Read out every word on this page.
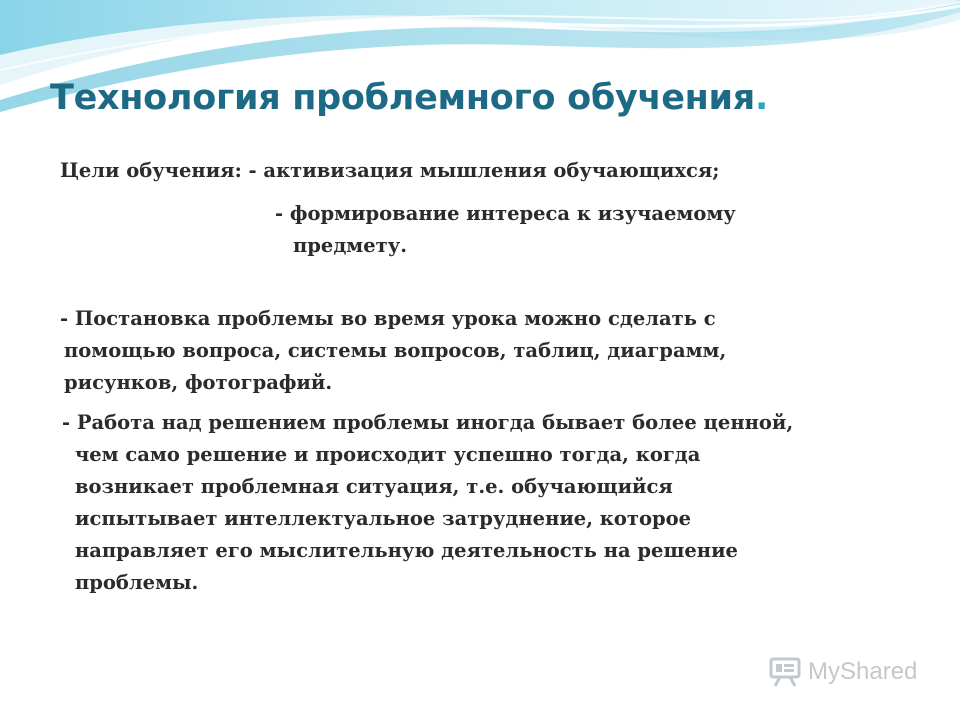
Технология проблемного обучения.
Цели обучения: - активизация мышления обучающихся;
- формирование интереса к изучаемому
предмету.
- Постановка проблемы во время урока можно сделать с
помощью вопроса, системы вопросов, таблиц, диаграмм,
рисунков, фотографий.
- Работа над решением проблемы иногда бывает более ценной,
чем само решение и происходит успешно тогда, когда
возникает проблемная ситуация, т.е. обучающийся
испытывает интеллектуальное затруднение, которое
направляет его мыслительную деятельность на решение
проблемы.
MyShared
